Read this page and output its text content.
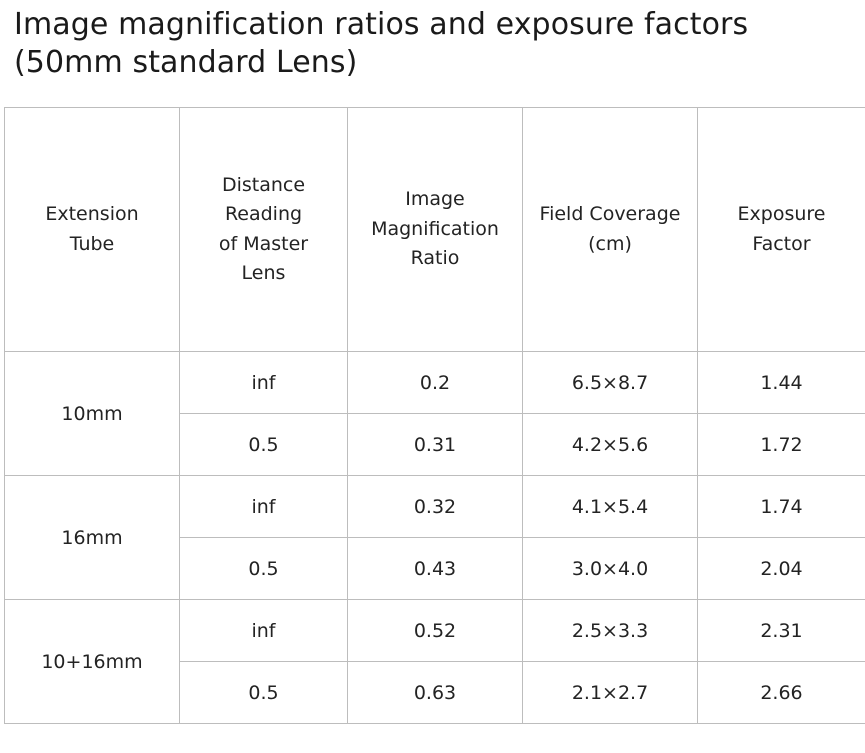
Image magnification ratios and exposure factors
(50mm standard Lens)
Extension
Tube	Distance
Reading
of Master
Lens	Image
Magnification
Ratio	Field Coverage
(cm)	Exposure
Factor

10mm	inf	0.2	6.5×8.7	1.44
	0.5	0.31	4.2×5.6	1.72
16mm	inf	0.32	4.1×5.4	1.74
	0.5	0.43	3.0×4.0	2.04
10+16mm	inf	0.52	2.5×3.3	2.31
	0.5	0.63	2.1×2.7	2.66
